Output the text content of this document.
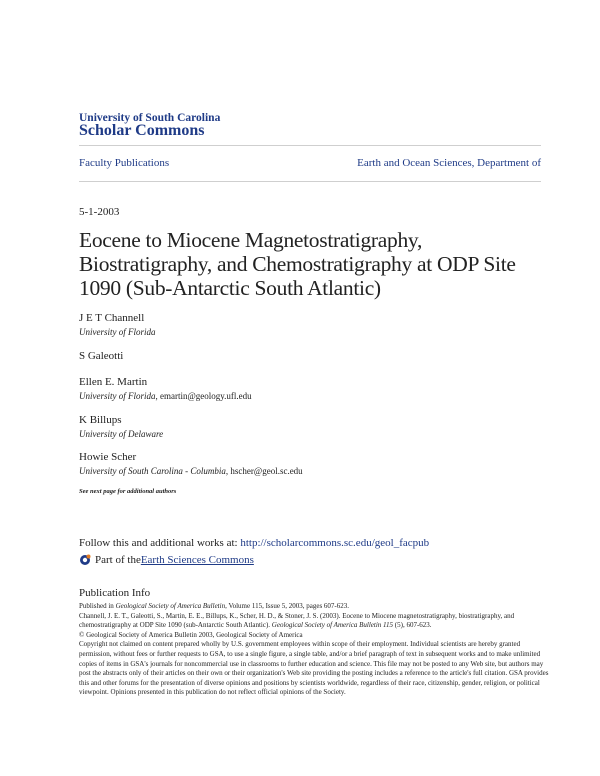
University of South Carolina
Scholar Commons
Faculty Publications	Earth and Ocean Sciences, Department of
5-1-2003
Eocene to Miocene Magnetostratigraphy, Biostratigraphy, and Chemostratigraphy at ODP Site 1090 (Sub-Antarctic South Atlantic)
J E T Channell
University of Florida
S Galeotti
Ellen E. Martin
University of Florida, emartin@geology.ufl.edu
K Billups
University of Delaware
Howie Scher
University of South Carolina - Columbia, hscher@geol.sc.edu
See next page for additional authors
Follow this and additional works at: http://scholarcommons.sc.edu/geol_facpub
Part of the Earth Sciences Commons
Publication Info

Published in Geological Society of America Bulletin, Volume 115, Issue 5, 2003, pages 607-623.

Channell, J. E. T., Galeotti, S., Martin, E. E., Billups, K., Scher, H. D., & Stoner, J. S. (2003). Eocene to Miocene magnetostratigraphy, biostratigraphy, and chemostratigraphy at ODP Site 1090 (sub-Antarctic South Atlantic). Geological Society of America Bulletin 115 (5), 607-623.

© Geological Society of America Bulletin 2003, Geological Society of America

Copyright not claimed on content prepared wholly by U.S. government employees within scope of their employment. Individual scientists are hereby granted permission, without fees or further requests to GSA, to use a single figure, a single table, and/or a brief paragraph of text in subsequent works and to make unlimited copies of items in GSA's journals for noncommercial use in classrooms to further education and science. This file may not be posted to any Web site, but authors may post the abstracts only of their articles on their own or their organization's Web site providing the posting includes a reference to the article's full citation. GSA provides this and other forums for the presentation of diverse opinions and positions by scientists worldwide, regardless of their race, citizenship, gender, religion, or political viewpoint. Opinions presented in this publication do not reflect official opinions of the Society.
